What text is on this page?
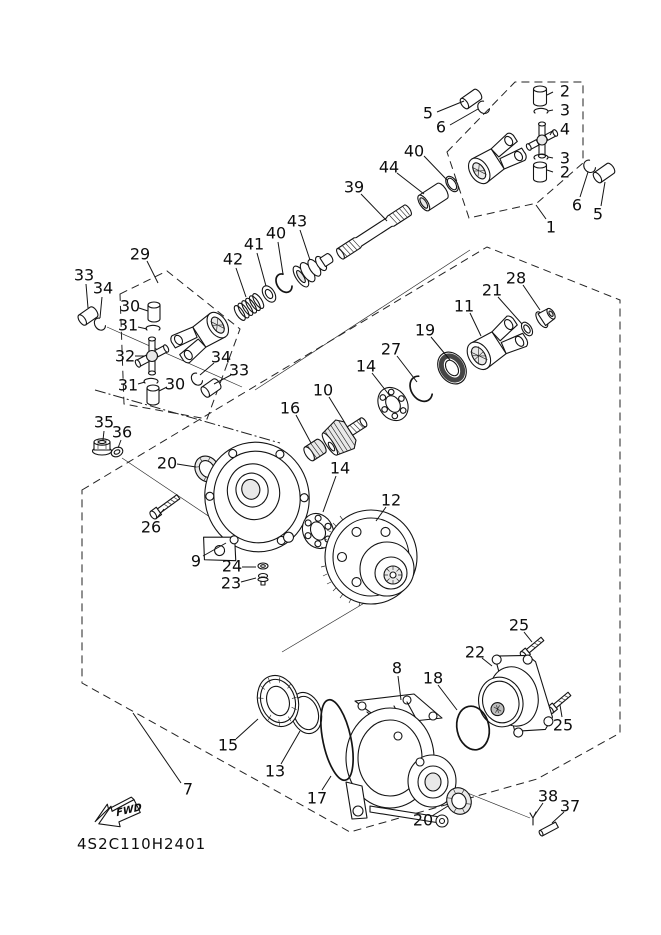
FWD
4S2C110H2401
2
3
4
3
2
5
6
40
44
6 5
1
39
43
40
41
42
29
33
34
30
31
32
31 30
34
33
35
36
28
21
11
19
27
14
10
16
20
26
9 24
23
14
12
25
22
25
18
8
15
13
17
7
20
38
37
